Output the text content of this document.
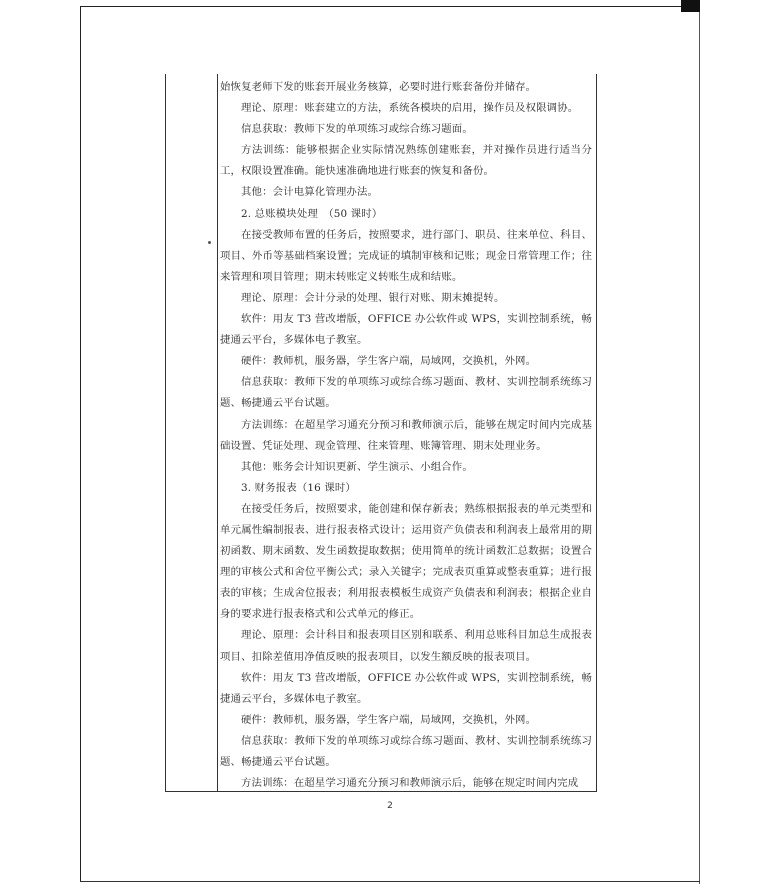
始恢复老师下发的账套开展业务核算，必要时进行账套备份并储存。

理论、原理：账套建立的方法，系统各模块的启用，操作员及权限调协。

信息获取：教师下发的单项练习或综合练习题面。

方法训练：能够根据企业实际情况熟练创建账套，并对操作员进行适当分工，权限设置准确。能快速准确地进行账套的恢复和备份。

其他：会计电算化管理办法。

2. 总账模块处理　（50 课时）

在接受教师布置的任务后，按照要求，进行部门、职员、往来单位、科目、项目、外币等基础档案设置；完成证的填制审核和记账；现金日常管理工作；往来管理和项目管理；期末转账定义转账生成和结账。

理论、原理：会计分录的处理、银行对账、期末摊提转。

软件：用友 T3 营改增版，OFFICE 办公软件或 WPS，实训控制系统，畅捷通云平台，多媒体电子教室。

硬件：教师机，服务器，学生客户端，局域网，交换机，外网。

信息获取：教师下发的单项练习或综合练习题面、教材、实训控制系统练习题、畅捷通云平台试题。

方法训练：在超星学习通充分预习和教师演示后，能够在规定时间内完成基础设置、凭证处理、现金管理、往来管理、账簿管理、期末处理业务。

其他：账务会计知识更新、学生演示、小组合作。

3. 财务报表（16 课时）

在接受任务后，按照要求，能创建和保存新表；熟练根据报表的单元类型和单元属性编制报表、进行报表格式设计；运用资产负债表和利润表上最常用的期初函数、期末函数、发生函数提取数据；使用简单的统计函数汇总数据；设置合理的审核公式和舍位平衡公式；录入关键字；完成表页重算或整表重算；进行报表的审核；生成舍位报表；利用报表模板生成资产负债表和利润表；根据企业自身的要求进行报表格式和公式单元的修正。

理论、原理：会计科目和报表项目区别和联系、利用总账科目加总生成报表项目、扣除差值用净值反映的报表项目，以发生额反映的报表项目。

软件：用友 T3 营改增版，OFFICE 办公软件或 WPS，实训控制系统，畅捷通云平台，多媒体电子教室。

硬件：教师机，服务器，学生客户端，局域网，交换机，外网。

信息获取：教师下发的单项练习或综合练习题面、教材、实训控制系统练习题、畅捷通云平台试题。

方法训练：在超星学习通充分预习和教师演示后，能够在规定时间内完成

2
